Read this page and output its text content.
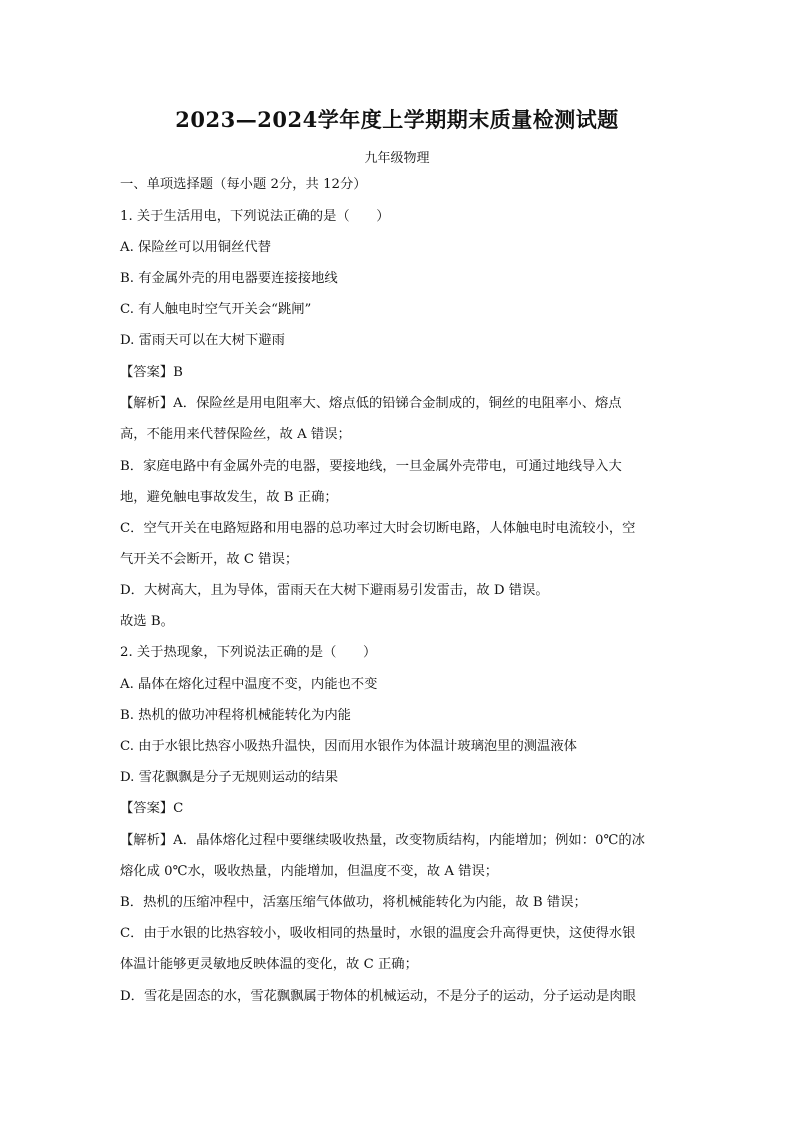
2023—2024学年度上学期期末质量检测试题
九年级物理
一、单项选择题（每小题 2分，共 12分）
1. 关于生活用电，下列说法正确的是（　　）
A. 保险丝可以用铜丝代替
B. 有金属外壳的用电器要连接接地线
C. 有人触电时空气开关会“跳闸”
D. 雷雨天可以在大树下避雨
【答案】B
【解析】A．保险丝是用电阻率大、熔点低的铅锑合金制成的，铜丝的电阻率小、熔点
高，不能用来代替保险丝，故 A 错误；
B．家庭电路中有金属外壳的电器，要接地线，一旦金属外壳带电，可通过地线导入大
地，避免触电事故发生，故 B 正确；
C．空气开关在电路短路和用电器的总功率过大时会切断电路，人体触电时电流较小，空
气开关不会断开，故 C 错误；
D．大树高大，且为导体，雷雨天在大树下避雨易引发雷击，故 D 错误。
故选 B。
2. 关于热现象，下列说法正确的是（　　）
A. 晶体在熔化过程中温度不变，内能也不变
B. 热机的做功冲程将机械能转化为内能
C. 由于水银比热容小吸热升温快，因而用水银作为体温计玻璃泡里的测温液体
D. 雪花飘飘是分子无规则运动的结果
【答案】C
【解析】A．晶体熔化过程中要继续吸收热量，改变物质结构，内能增加；例如：0℃的冰
熔化成 0℃水，吸收热量，内能增加，但温度不变，故 A 错误；
B．热机的压缩冲程中，活塞压缩气体做功，将机械能转化为内能，故 B 错误；
C．由于水银的比热容较小，吸收相同的热量时，水银的温度会升高得更快，这使得水银
体温计能够更灵敏地反映体温的变化，故 C 正确；
D．雪花是固态的水，雪花飘飘属于物体的机械运动，不是分子的运动，分子运动是肉眼
